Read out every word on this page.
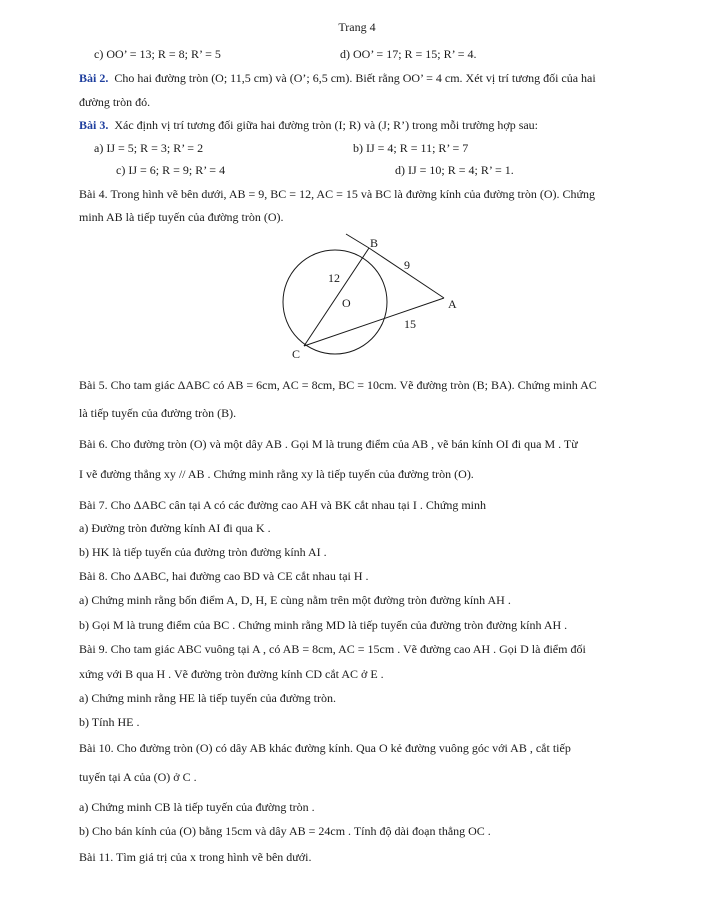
Trang 4
c) OO’ = 13; R = 8; R’ = 5	d) OO’ = 17; R = 15; R’ = 4.
Bài 2. Cho hai đường tròn (O; 11,5 cm) và (O’; 6,5 cm). Biết rằng OO’ = 4 cm. Xét vị trí tương đối của hai
đường tròn đó.
Bài 3. Xác định vị trí tương đối giữa hai đường tròn (I; R) và (J; R’) trong mỗi trường hợp sau:
a) IJ = 5; R = 3; R’ = 2	b) IJ = 4; R = 11; R’ = 7
c) IJ = 6; R = 9; R’ = 4	d) IJ = 10; R = 4; R’ = 1.
Bài 4. Trong hình vẽ bên dưới, AB = 9, BC = 12, AC = 15 và BC là đường kính của đường tròn (O). Chứng
minh AB là tiếp tuyến của đường tròn (O).
Bài 5. Cho tam giác ΔABC có AB = 6cm, AC = 8cm, BC = 10cm. Vẽ đường tròn (B; BA). Chứng minh AC
là tiếp tuyến của đường tròn (B).
Bài 6. Cho đường tròn (O) và một dây AB . Gọi M là trung điểm của AB , vẽ bán kính OI đi qua M . Từ
I vẽ đường thẳng xy // AB . Chứng minh rằng xy là tiếp tuyến của đường tròn (O).
Bài 7. Cho ΔABC cân tại A có các đường cao AH và BK cắt nhau tại I . Chứng minh
a) Đường tròn đường kính AI đi qua K .
b) HK là tiếp tuyến của đường tròn đường kính AI .
Bài 8. Cho ΔABC, hai đường cao BD và CE cắt nhau tại H .
a) Chứng minh rằng bốn điểm A, D, H, E cùng nằm trên một đường tròn đường kính AH .
b) Gọi M là trung điểm của BC . Chứng minh rằng MD là tiếp tuyến của đường tròn đường kính AH .
Bài 9. Cho tam giác ABC vuông tại A , có AB = 8cm, AC = 15cm . Vẽ đường cao AH . Gọi D là điểm đối
xứng với B qua H . Vẽ đường tròn đường kính CD cắt AC ở E .
a) Chứng minh rằng HE là tiếp tuyến của đường tròn.
b) Tính HE .
Bài 10. Cho đường tròn (O) có dây AB khác đường kính. Qua O kẻ đường vuông góc với AB , cắt tiếp
tuyến tại A của (O) ở C .
a) Chứng minh CB là tiếp tuyến của đường tròn .
b) Cho bán kính của (O) bằng 15cm và dây AB = 24cm . Tính độ dài đoạn thẳng OC .
Bài 11. Tìm giá trị của x trong hình vẽ bên dưới.
B
A
C
O
9
12
15
